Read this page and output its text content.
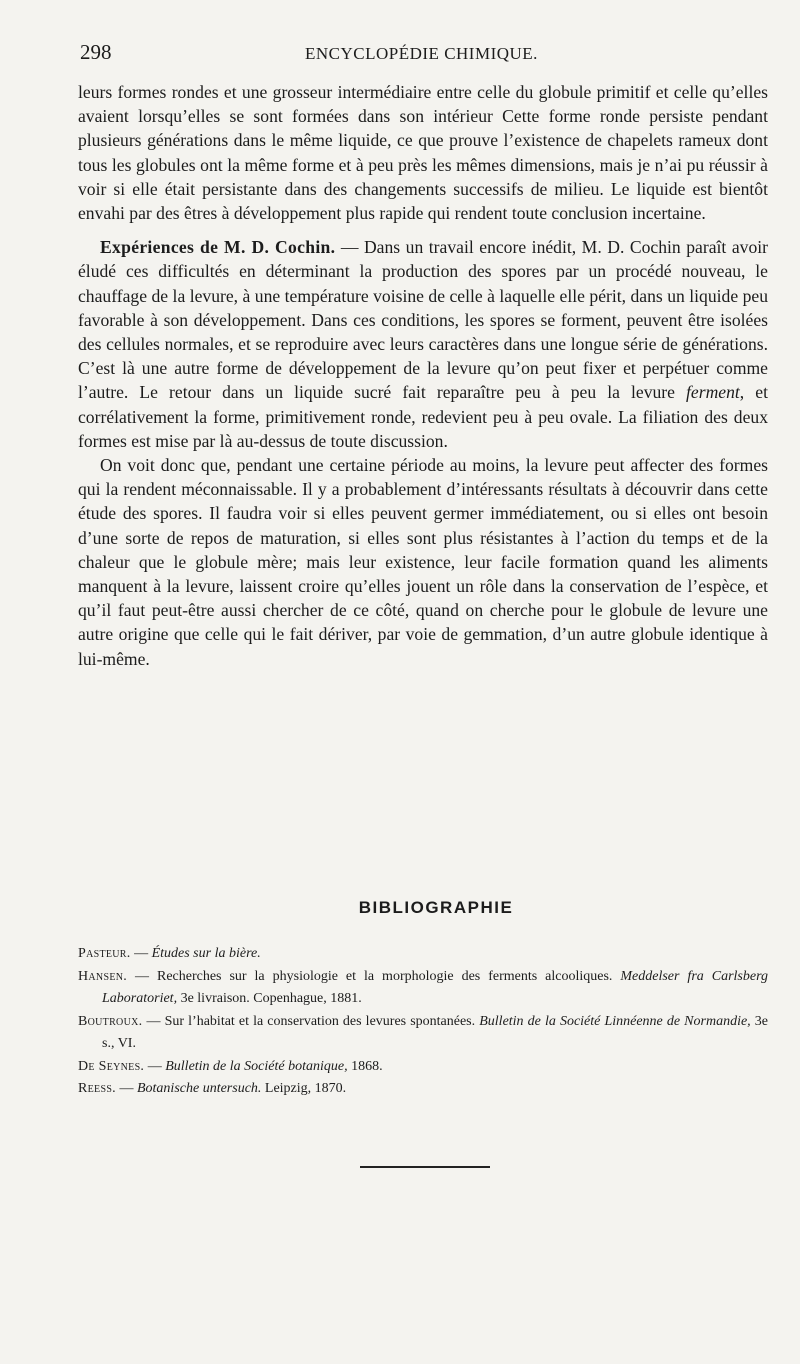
298	ENCYCLOPÉDIE CHIMIQUE.

leurs formes rondes et une grosseur intermédiaire entre celle du globule primitif et celle qu’elles avaient lorsqu’elles se sont formées dans son intérieur Cette forme ronde persiste pendant plusieurs générations dans le même liquide, ce que prouve l’existence de chapelets rameux dont tous les globules ont la même forme et à peu près les mêmes dimensions, mais je n’ai pu réussir à voir si elle était persistante dans des changements successifs de milieu. Le liquide est bientôt envahi par des êtres à développement plus rapide qui rendent toute conclusion incertaine.

Expériences de M. D. Cochin. — Dans un travail encore inédit, M. D. Cochin paraît avoir éludé ces difficultés en déterminant la production des spores par un procédé nouveau, le chauffage de la levure, à une température voisine de celle à laquelle elle périt, dans un liquide peu favorable à son développement. Dans ces conditions, les spores se forment, peuvent être isolées des cellules normales, et se reproduire avec leurs caractères dans une longue série de générations. C’est là une autre forme de développement de la levure qu’on peut fixer et perpétuer comme l’autre. Le retour dans un liquide sucré fait reparaître peu à peu la levure ferment, et corrélativement la forme, primitivement ronde, redevient peu à peu ovale. La filiation des deux formes est mise par là au-dessus de toute discussion.

On voit donc que, pendant une certaine période au moins, la levure peut affecter des formes qui la rendent méconnaissable. Il y a probablement d’intéressants résultats à découvrir dans cette étude des spores. Il faudra voir si elles peuvent germer immédiatement, ou si elles ont besoin d’une sorte de repos de maturation, si elles sont plus résistantes à l’action du temps et de la chaleur que le globule mère; mais leur existence, leur facile formation quand les aliments manquent à la levure, laissent croire qu’elles jouent un rôle dans la conservation de l’espèce, et qu’il faut peut-être aussi chercher de ce côté, quand on cherche pour le globule de levure une autre origine que celle qui le fait dériver, par voie de gemmation, d’un autre globule identique à lui-même.

BIBLIOGRAPHIE

Pasteur. — Études sur la bière.

Hansen. — Recherches sur la physiologie et la morphologie des ferments alcooliques. Meddelser fra Carlsberg Laboratoriet, 3e livraison. Copenhague, 1881.

Boutroux. — Sur l’habitat et la conservation des levures spontanées. Bulletin de la Société Linnéenne de Normandie, 3e s., VI.

De Seynes. — Bulletin de la Société botanique, 1868.

Reess. — Botanische untersuch. Leipzig, 1870.
